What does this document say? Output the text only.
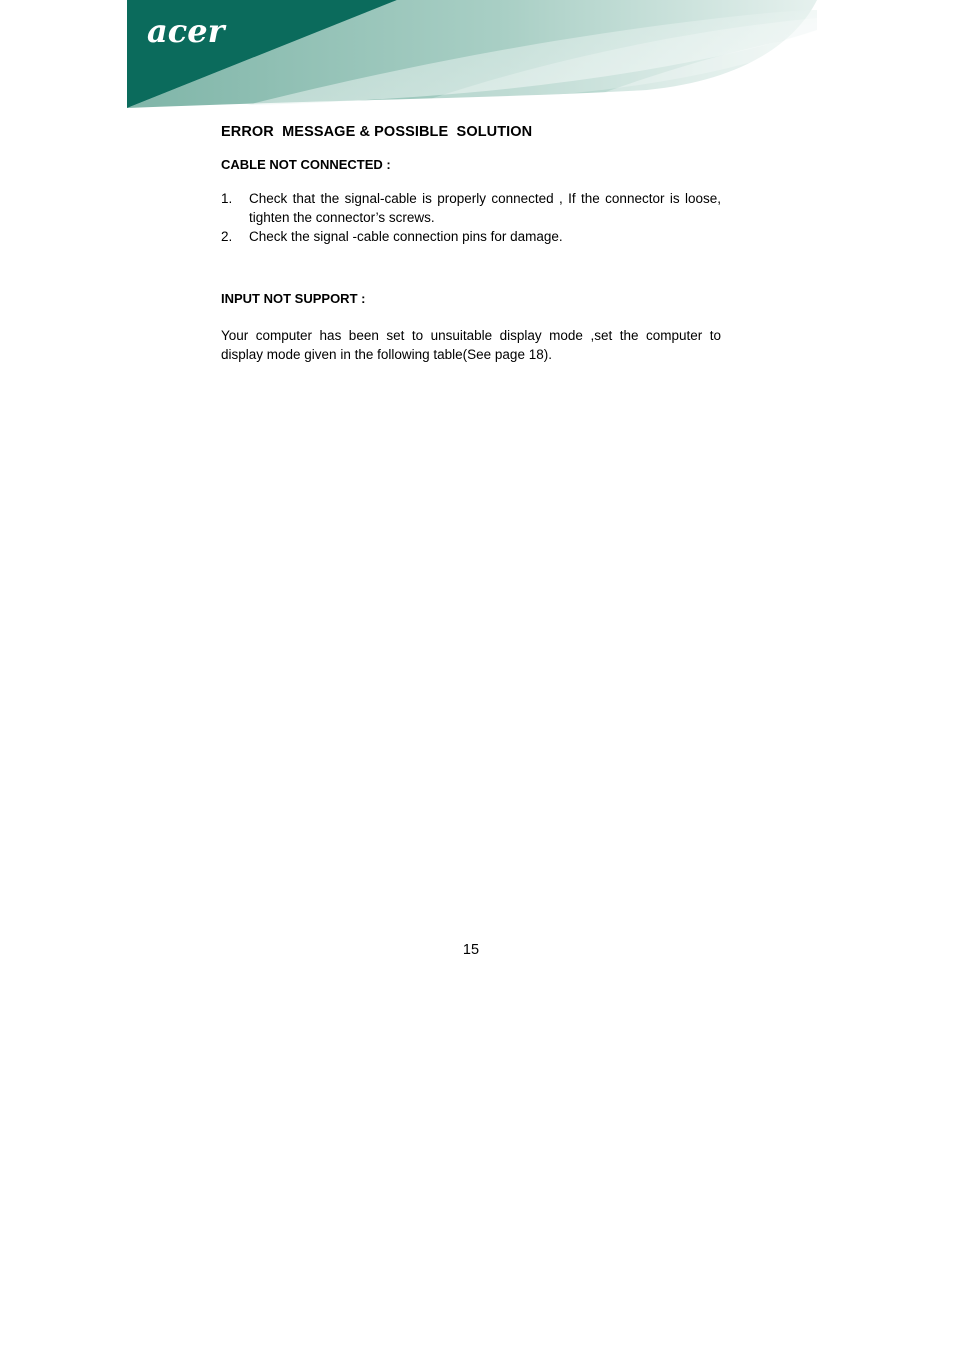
acer
ERROR  MESSAGE & POSSIBLE  SOLUTION
CABLE NOT CONNECTED :
1. Check that the signal-cable is properly connected , If the connector is loose, tighten the connector’s screws.
2. Check the signal -cable connection pins for damage.
INPUT NOT SUPPORT :

Your computer has been set to unsuitable display mode ,set the computer to display mode given in the following table(See page 18).

15
